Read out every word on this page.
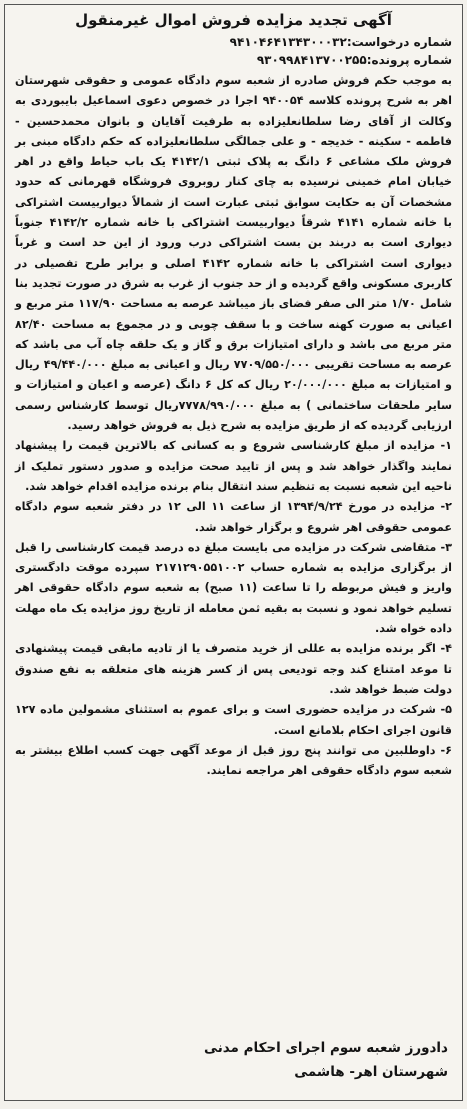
آگهی تجدید مزایده فروش اموال غیرمنقول
شماره درخواست:۹۴۱۰۴۶۴۱۳۴۳۰۰۰۳۲
شماره پرونده:۹۳۰۹۹۸۴۱۳۷۰۰۲۵۵

به موجب حکم فروش صادره از شعبه سوم دادگاه عمومی و حقوقی شهرستان اهر به شرح پرونده کلاسه ۹۴۰۰۵۴ اجرا در خصوص دعوی اسماعیل بایبوردی به وکالت از آقای رضا سلطانعلیزاده به طرفیت آقایان و بانوان محمدحسین - فاطمه - سکینه - خدیجه - و علی جمالگی سلطانعلیزاده که حکم دادگاه مبنی بر فروش ملک مشاعی ۶ دانگ به پلاک ثبتی ۴۱۴۲/۱ یک باب حیاط واقع در اهر خیابان امام خمینی نرسیده به چای کنار روبروی فروشگاه قهرمانی که حدود مشخصات آن به حکایت سوابق ثبتی عبارت است از شمالاً دیواربیست اشتراکی با خانه شماره ۴۱۴۱ شرقاً دیواربیست اشتراکی با خانه شماره ۴۱۴۲/۲ جنوباً دیواری است به دربند بن بست اشتراکی درب ورود از این حد است و غرباً دیواری است اشتراکی با خانه شماره ۴۱۴۲ اصلی و برابر طرح تفصیلی در کاربری مسکونی واقع گردیده و از حد جنوب از غرب به شرق در صورت تجدید بنا شامل ۱/۷۰ متر الی صفر فضای باز میباشد عرصه به مساحت ۱۱۷/۹۰ متر مربع و اعیانی به صورت کهنه ساخت و با سقف چوبی و در مجموع به مساحت ۸۲/۴۰ متر مربع می باشد و دارای امتیازات برق و گاز و یک حلقه چاه آب می باشد که عرصه به مساحت تقریبی ۷۷۰۹/۵۵۰/۰۰۰ ریال و اعیانی به مبلغ ۴۹/۴۴۰/۰۰۰ ریال و امتیازات به مبلغ ۲۰/۰۰۰/۰۰۰ ریال که کل ۶ دانگ (عرصه و اعیان و امتیازات و سایر ملحقات ساختمانی ) به مبلغ ۷۷۷۸/۹۹۰/۰۰۰ریال توسط کارشناس رسمی ارزیابی گردیده که از طریق مزایده به شرح ذیل به فروش خواهد رسید.

۱- مزایده از مبلغ کارشناسی شروع و به کسانی که بالاترین قیمت را پیشنهاد نمایند واگذار خواهد شد و پس از تایید صحت مزایده و صدور دستور تملیک از ناحیه این شعبه نسبت به تنظیم سند انتقال بنام برنده مزایده اقدام خواهد شد.

۲- مزایده در مورخ ۱۳۹۴/۹/۲۴ از ساعت ۱۱ الی ۱۲ در دفتر شعبه سوم دادگاه عمومی حقوقی اهر شروع و برگزار خواهد شد.

۳- متقاضی شرکت در مزایده می بایست مبلغ ده درصد قیمت کارشناسی را قبل از برگزاری مزایده به شماره حساب ۲۱۷۱۲۹۰۵۵۱۰۰۲ سپرده موقت دادگستری واریز و فیش مربوطه را تا ساعت (۱۱ صبح) به شعبه سوم دادگاه حقوقی اهر تسلیم خواهد نمود و نسبت به بقیه ثمن معامله از تاریخ روز مزایده یک ماه مهلت داده خواه شد.

۴- اگر برنده مزایده به عللی از خرید متصرف یا از تادیه مابقی قیمت پیشنهادی تا موعد امتناع کند وجه تودیعی پس از کسر هزینه های متعلقه به نفع صندوق دولت ضبط خواهد شد.

۵- شرکت در مزایده حضوری است و برای عموم به استثنای مشمولین ماده ۱۲۷ قانون اجرای احکام بلامانع است.

۶- داوطلبین می توانند پنج روز قبل از موعد آگهی جهت کسب اطلاع بیشتر به شعبه سوم دادگاه حقوقی اهر مراجعه نمایند.

دادورز شعبه سوم اجرای احکام مدنی
شهرستان اهر- هاشمی
